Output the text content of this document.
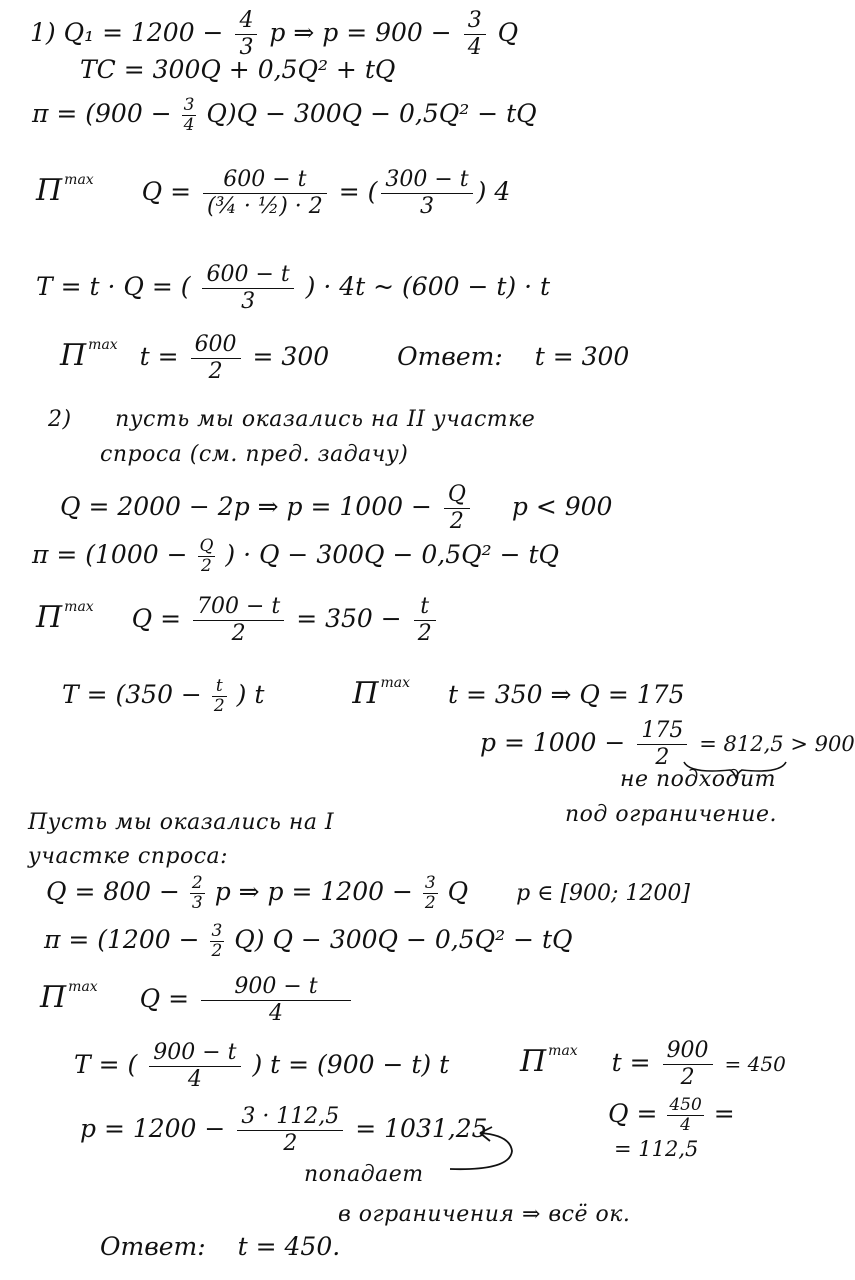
1) $Q_1 = 1200 - \frac{4}{3}$ p ⇒ $p = 900 - \frac{3}{4}$ Q
TC = 300Q + 0,5Q² + tQ
$\pi = (900 - \frac{3}{4} Q)Q - 300Q - 0,5Q^2$ − tQ
Π $^{max}$ $Q = \frac{600 - t}{\text{(¾ · ½) · 2}}$ = ( $\frac{300 - t}{3}$ ) 4
T = t · Q = ( $\frac{600 - t}{3}$ ) · 4t ~ (600 − t) · t
Π $^{max}$ $t = \frac{600}{2} = 300$	Ответ: t = 300
2) пусть мы оказались на II участке
спроса (см. пред. задачу)
Q = 2000 − 2p ⇒ $p = 1000 - \frac{Q}{2}$ p < 900
$\pi = (1000 - \frac{Q}{2}$ ) · Q − 300Q − 0,5Q² − tQ
Π $^{max}$ $Q = \frac{700 - t}{2} = 350 - \frac{t}{2}$
$T = (350 - \frac{t}{2}$ ) t	Π $^{max}$ t = 350 ⇒ Q = 175
$p = 1000 - \frac{175}{2} = 812,5 > 900$
не подходит
под ограничение.
Пусть мы оказались на I
участке спроса:
$Q = 800 - \frac{2}{3}$ p ⇒ $p = 1200 - \frac{3}{2}$ Q p ∈ [900; 1200]
$\pi = (1200 - \frac{3}{2} Q)$ Q − 300Q − 0,5Q² − tQ
Π $^{max}$ $Q = \frac{900 - t}{4}$
T = ( $\frac{900 - t}{4}$ ) t = (900 − t) t Π $^{max}$ $t = \frac{900}{2} = 450$
$p = 1200 - \frac{3 \cdot 112,5}{2} = 1031,25$
$Q = \frac{450}{4}$ =
= 112,5
попадает
в ограничения ⇒ всё ок.
Ответ: t = 450.
